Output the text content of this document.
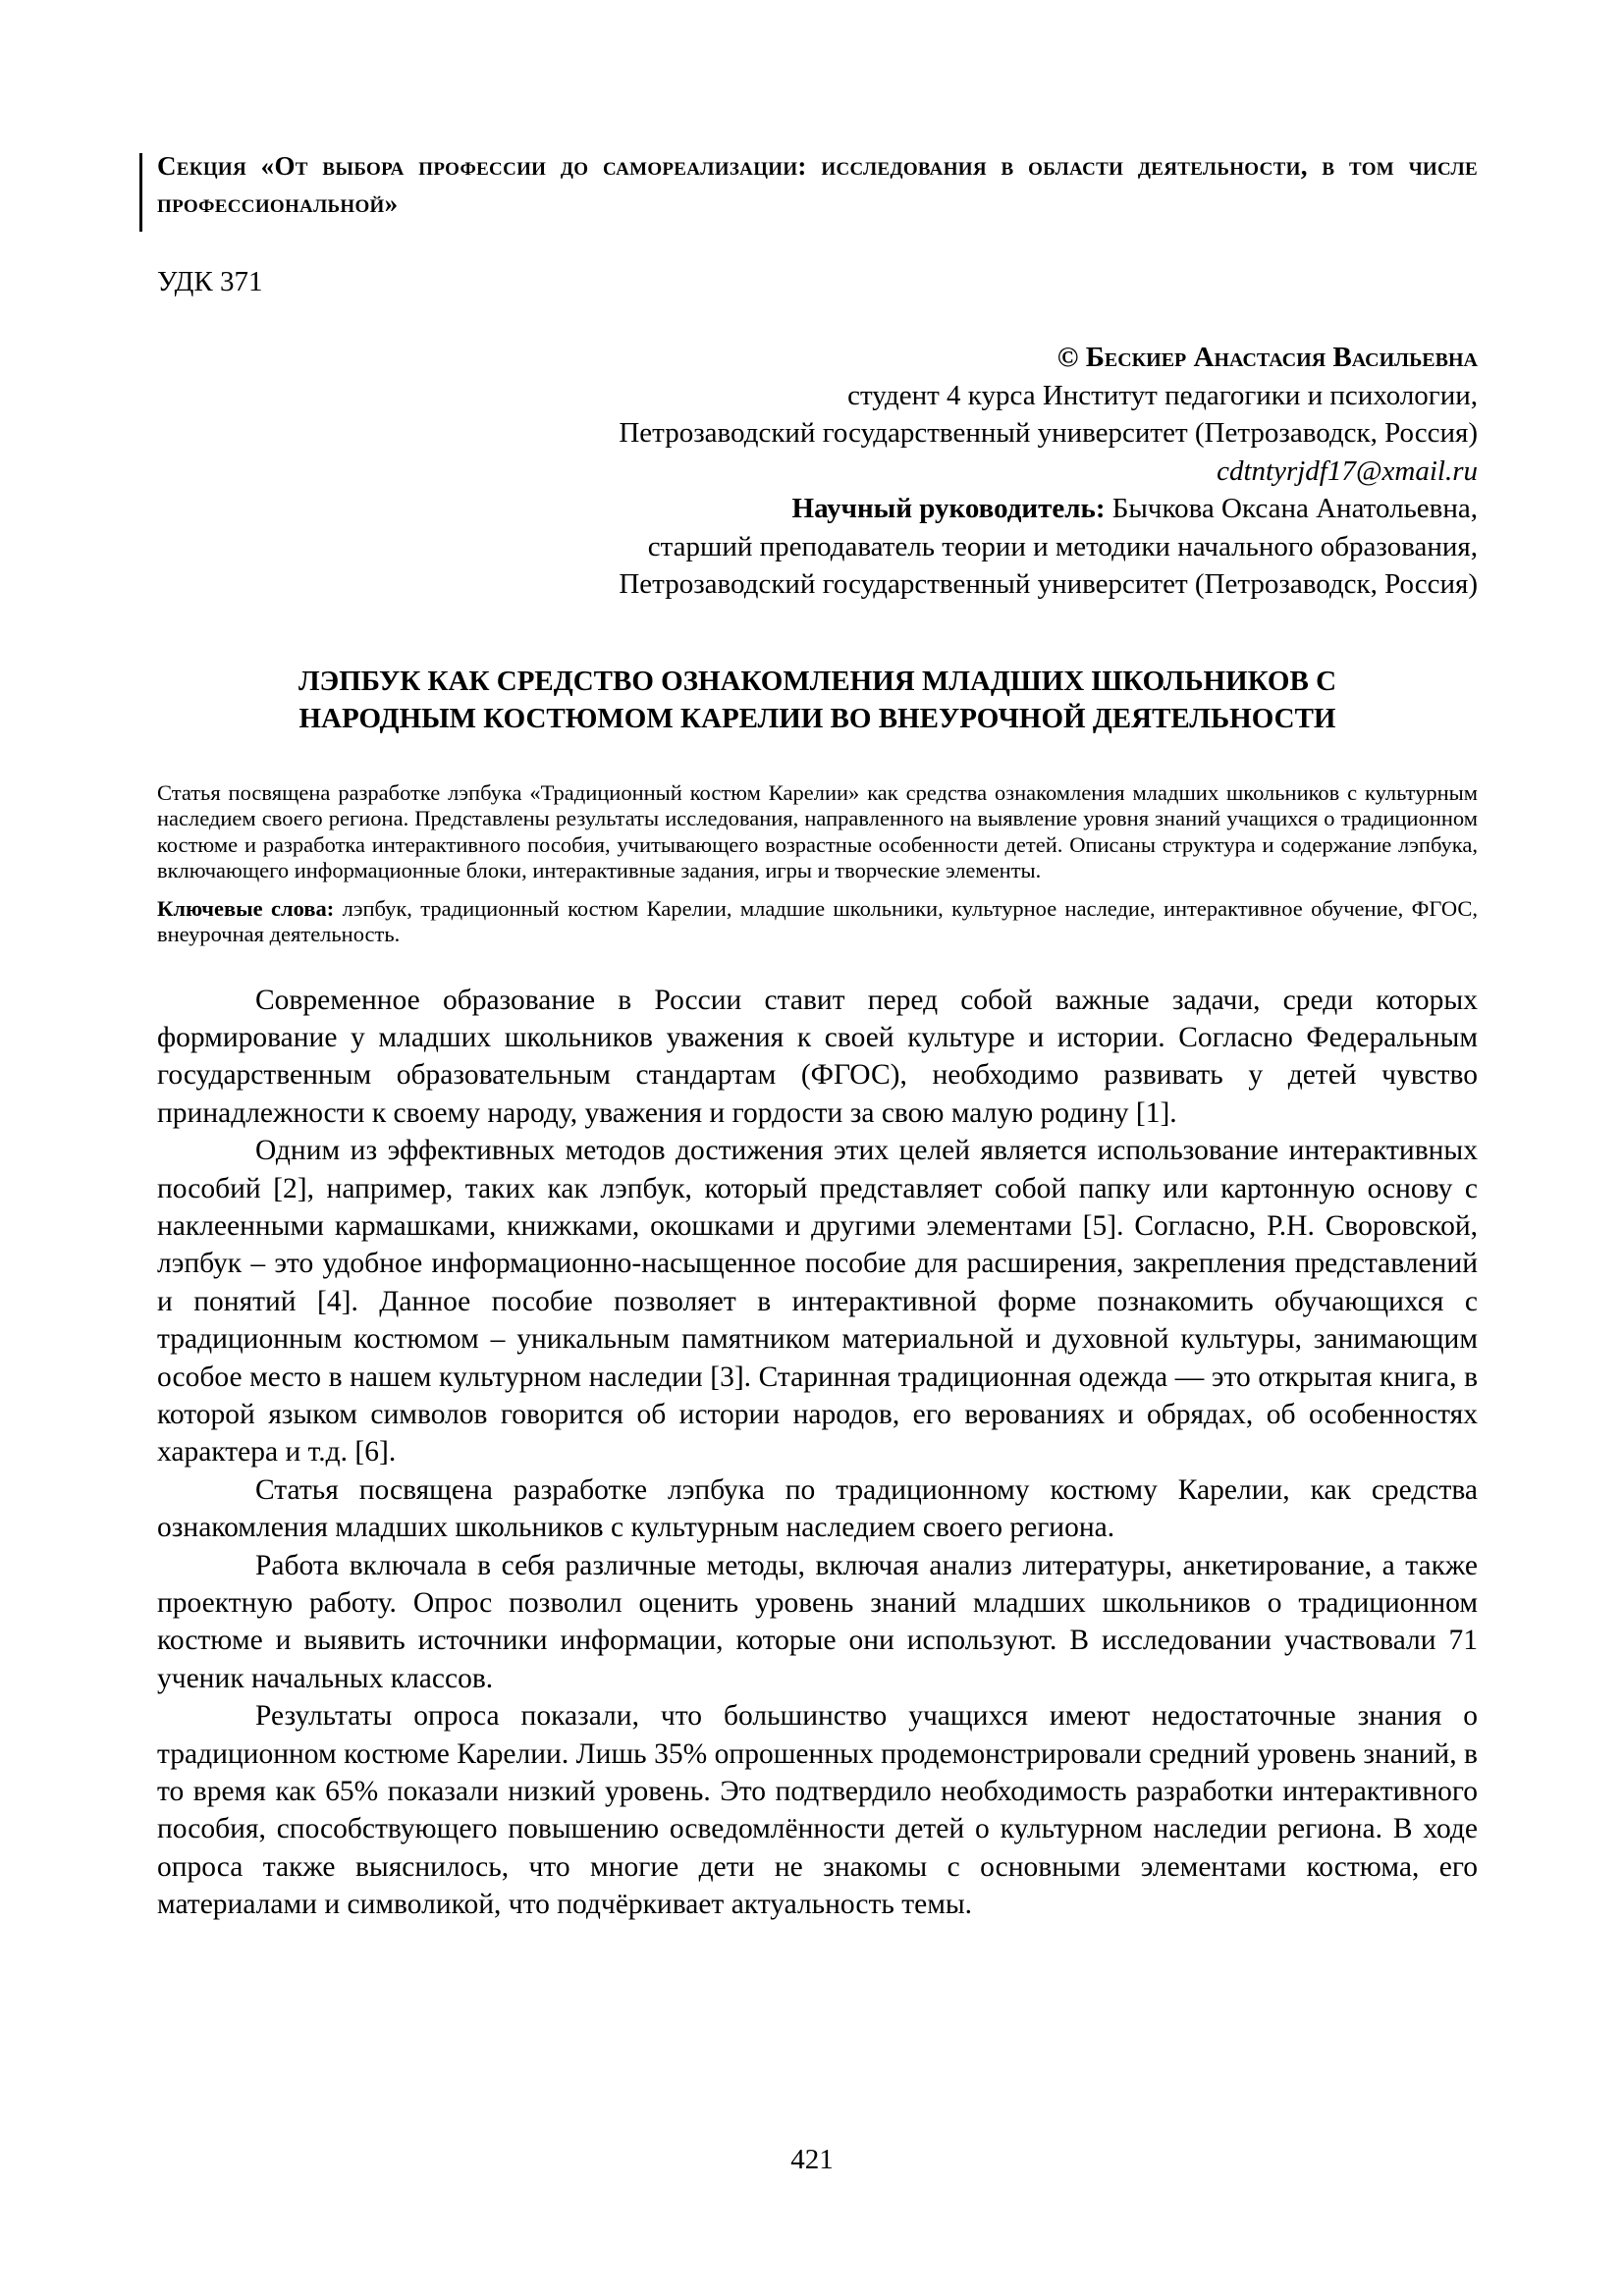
Секция «От выбора профессии до самореализации: исследования в области деятельности, в том числе профессиональной»
УДК 371
© Бескиер Анастасия Васильевна
студент 4 курса Институт педагогики и психологии,
Петрозаводский государственный университет (Петрозаводск, Россия)
cdtntyrjdf17@xmail.ru
Научный руководитель: Бычкова Оксана Анатольевна,
старший преподаватель теории и методики начального образования,
Петрозаводский государственный университет (Петрозаводск, Россия)
ЛЭПБУК КАК СРЕДСТВО ОЗНАКОМЛЕНИЯ МЛАДШИХ ШКОЛЬНИКОВ С
НАРОДНЫМ КОСТЮМОМ КАРЕЛИИ ВО ВНЕУРОЧНОЙ ДЕЯТЕЛЬНОСТИ
Статья посвящена разработке лэпбука «Традиционный костюм Карелии» как средства ознакомления младших школьников с культурным наследием своего региона. Представлены результаты исследования, направленного на выявление уровня знаний учащихся о традиционном костюме и разработка интерактивного пособия, учитывающего возрастные особенности детей. Описаны структура и содержание лэпбука, включающего информационные блоки, интерактивные задания, игры и творческие элементы.
Ключевые слова: лэпбук, традиционный костюм Карелии, младшие школьники, культурное наследие, интерактивное обучение, ФГОС, внеурочная деятельность.

Современное образование в России ставит перед собой важные задачи, среди которых формирование у младших школьников уважения к своей культуре и истории. Согласно Федеральным государственным образовательным стандартам (ФГОС), необходимо развивать у детей чувство принадлежности к своему народу, уважения и гордости за свою малую родину [1].

Одним из эффективных методов достижения этих целей является использование интерактивных пособий [2], например, таких как лэпбук, который представляет собой папку или картонную основу с наклеенными кармашками, книжками, окошками и другими элементами [5]. Согласно, Р.Н. Своровской, лэпбук – это удобное информационно-насыщенное пособие для расширения, закрепления представлений и понятий [4]. Данное пособие позволяет в интерактивной форме познакомить обучающихся с традиционным костюмом – уникальным памятником материальной и духовной культуры, занимающим особое место в нашем культурном наследии [3]. Старинная традиционная одежда — это открытая книга, в которой языком символов говорится об истории народов, его верованиях и обрядах, об особенностях характера и т.д. [6].

Статья посвящена разработке лэпбука по традиционному костюму Карелии, как средства ознакомления младших школьников с культурным наследием своего региона.

Работа включала в себя различные методы, включая анализ литературы, анкетирование, а также проектную работу. Опрос позволил оценить уровень знаний младших школьников о традиционном костюме и выявить источники информации, которые они используют. В исследовании участвовали 71 ученик начальных классов.

Результаты опроса показали, что большинство учащихся имеют недостаточные знания о традиционном костюме Карелии. Лишь 35% опрошенных продемонстрировали средний уровень знаний, в то время как 65% показали низкий уровень. Это подтвердило необходимость разработки интерактивного пособия, способствующего повышению осведомлённости детей о культурном наследии региона. В ходе опроса также выяснилось, что многие дети не знакомы с основными элементами костюма, его материалами и символикой, что подчёркивает актуальность темы.

421
